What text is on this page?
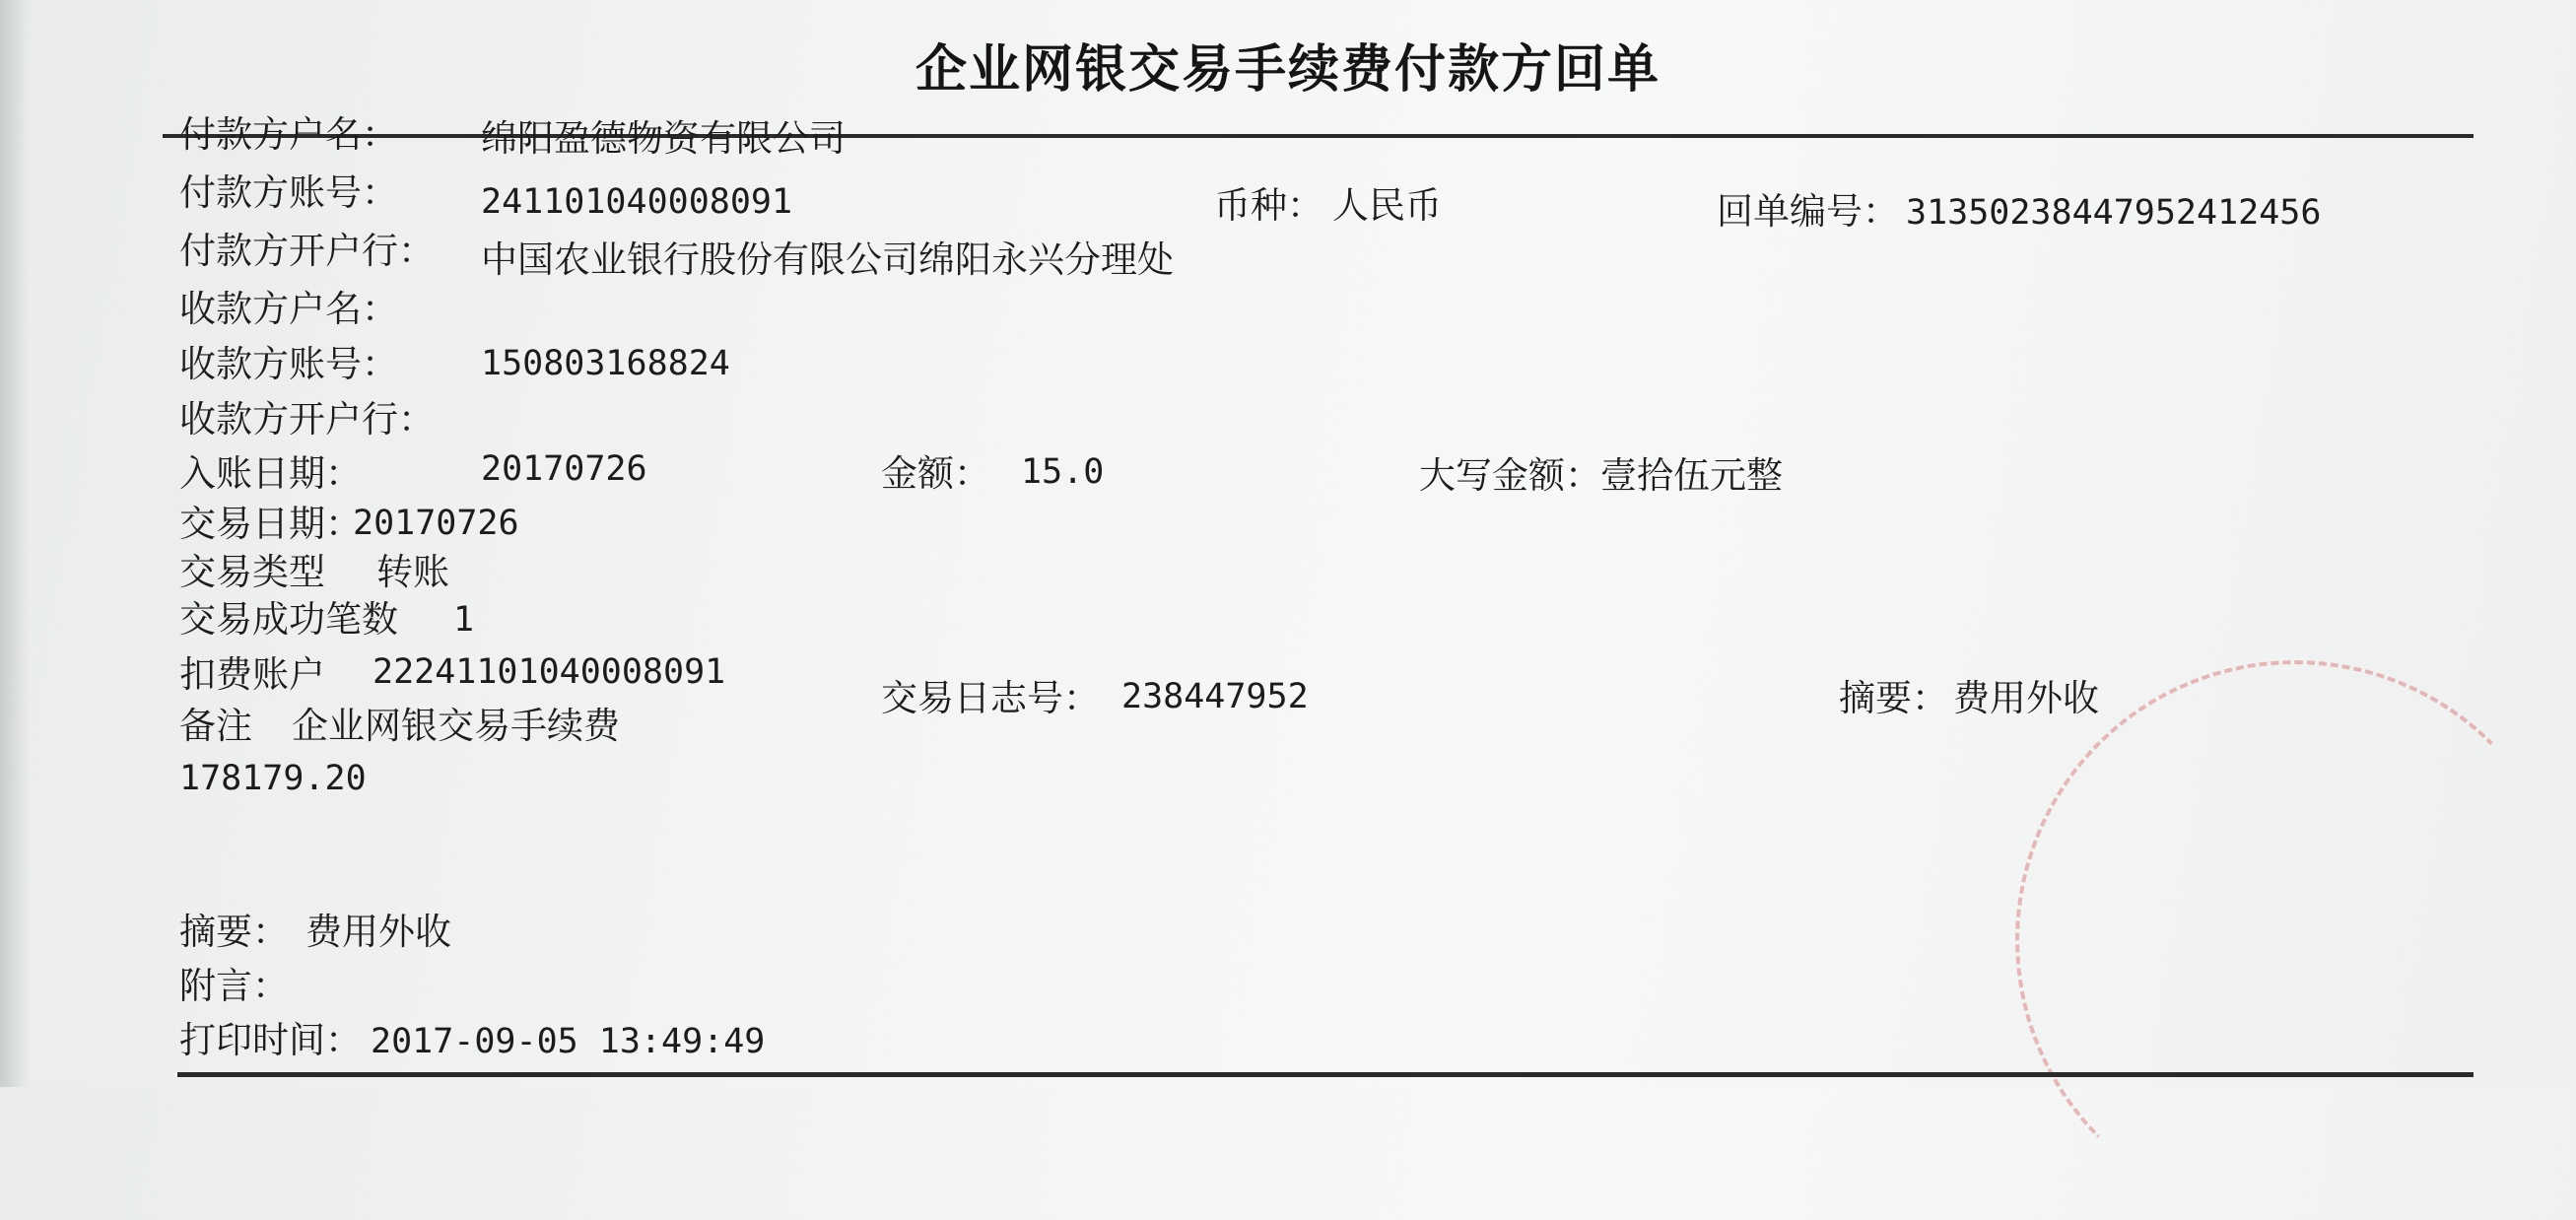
企业网银交易手续费付款方回单
付款方户名： 绵阳盈德物资有限公司
付款方账号： 241101040008091	币种： 人民币	回单编号： 31350238447952412456
付款方开户行： 中国农业银行股份有限公司绵阳永兴分理处
收款方户名：
收款方账号： 150803168824
收款方开户行：
入账日期：	20170726	金额： 15.0	大写金额： 壹拾伍元整
交易日期：
20170726
交易类型 转账
交易成功笔数 1
扣费账户 22241101040008091
交易日志号： 238447952	摘要： 费用外收
备注 企业网银交易手续费
178179.20
摘要： 费用外收
附言：
打印时间： 2017-09-05 13:49:49
